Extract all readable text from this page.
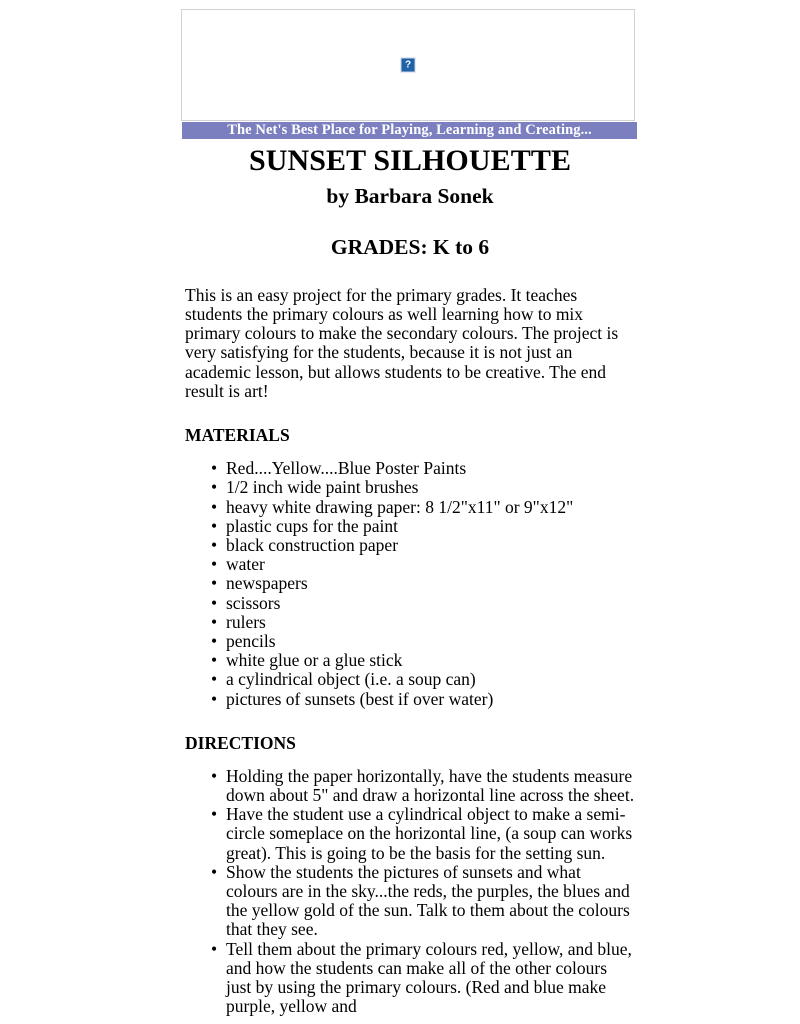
?
The Net's Best Place for Playing, Learning and Creating...
SUNSET SILHOUETTE
by Barbara Sonek
GRADES: K to 6

This is an easy project for the primary grades. It teaches students the primary colours as well learning how to mix primary colours to make the secondary colours. The project is very satisfying for the students, because it is not just an academic lesson, but allows students to be creative. The end result is art!

MATERIALS
• Red....Yellow....Blue Poster Paints
• 1/2 inch wide paint brushes
• heavy white drawing paper: 8 1/2"x11" or 9"x12"
• plastic cups for the paint
• black construction paper
• water
• newspapers
• scissors
• rulers
• pencils
• white glue or a glue stick
• a cylindrical object (i.e. a soup can)
• pictures of sunsets (best if over water)
DIRECTIONS
• Holding the paper horizontally, have the students measure down about 5" and draw a horizontal line across the sheet.
• Have the student use a cylindrical object to make a semi-circle someplace on the horizontal line, (a soup can works great). This is going to be the basis for the setting sun.
• Show the students the pictures of sunsets and what colours are in the sky...the reds, the purples, the blues and the yellow gold of the sun. Talk to them about the colours that they see.
• Tell them about the primary colours red, yellow, and blue, and how the students can make all of the other colours just by using the primary colours. (Red and blue make purple, yellow and
